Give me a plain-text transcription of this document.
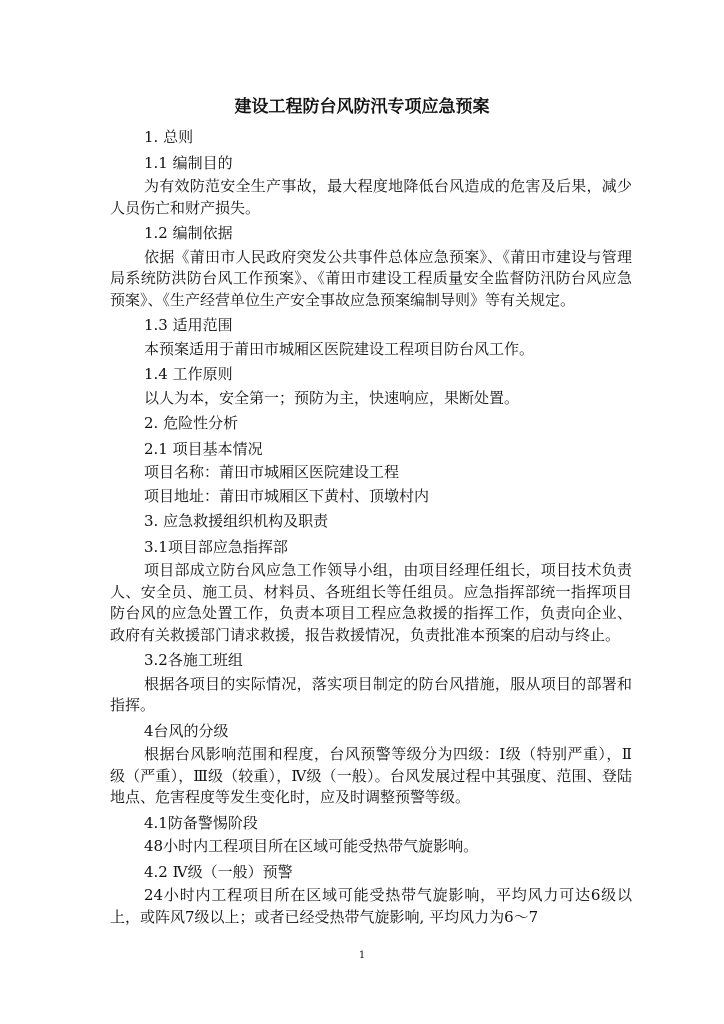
建设工程防台风防汛专项应急预案

1. 总则

1.1 编制目的

为有效防范安全生产事故，最大程度地降低台风造成的危害及后果，减少人员伤亡和财产损失。

1.2 编制依据

依据《莆田市人民政府突发公共事件总体应急预案》、《莆田市建设与管理局系统防洪防台风工作预案》、《莆田市建设工程质量安全监督防汛防台风应急预案》、《生产经营单位生产安全事故应急预案编制导则》等有关规定。

1.3 适用范围

本预案适用于莆田市城厢区医院建设工程项目防台风工作。

1.4 工作原则

以人为本，安全第一；预防为主，快速响应，果断处置。

2. 危险性分析

2.1 项目基本情况

项目名称：莆田市城厢区医院建设工程

项目地址：莆田市城厢区下黄村、顶墩村内

3. 应急救援组织机构及职责

3.1项目部应急指挥部

项目部成立防台风应急工作领导小组，由项目经理任组长，项目技术负责人、安全员、施工员、材料员、各班组长等任组员。应急指挥部统一指挥项目防台风的应急处置工作，负责本项目工程应急救援的指挥工作，负责向企业、政府有关救援部门请求救援，报告救援情况，负责批准本预案的启动与终止。

3.2各施工班组

根据各项目的实际情况，落实项目制定的防台风措施，服从项目的部署和指挥。

4台风的分级

根据台风影响范围和程度，台风预警等级分为四级：Ⅰ级（特别严重），Ⅱ级（严重），Ⅲ级（较重），Ⅳ级（一般）。台风发展过程中其强度、范围、登陆地点、危害程度等发生变化时，应及时调整预警等级。

4.1防备警惕阶段

48小时内工程项目所在区域可能受热带气旋影响。

4.2 Ⅳ级（一般）预警

24小时内工程项目所在区域可能受热带气旋影响，平均风力可达6级以上，或阵风7级以上；或者已经受热带气旋影响, 平均风力为6～7

1
